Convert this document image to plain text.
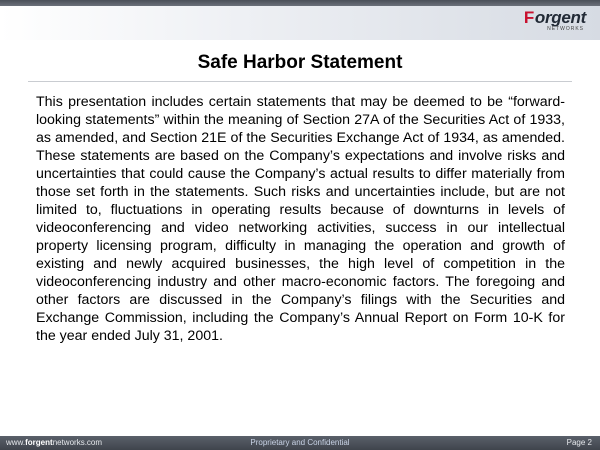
Forgent
NETWORKS
Safe Harbor Statement

This presentation includes certain statements that may be deemed to be “forward-looking statements” within the meaning of Section 27A of the Securities Act of 1933, as amended, and Section 21E of the Securities Exchange Act of 1934, as amended. These statements are based on the Company’s expectations and involve risks and uncertainties that could cause the Company’s actual results to differ materially from those set forth in the statements. Such risks and uncertainties include, but are not limited to, fluctuations in operating results because of downturns in levels of videoconferencing and video networking activities, success in our intellectual property licensing program, difficulty in managing the operation and growth of existing and newly acquired businesses, the high level of competition in the videoconferencing industry and other macro-economic factors. The foregoing and other factors are discussed in the Company’s filings with the Securities and Exchange Commission, including the Company’s Annual Report on Form 10-K for the year ended July 31, 2001.

www.forgentnetworks.com	Proprietary and Confidential	Page 2
